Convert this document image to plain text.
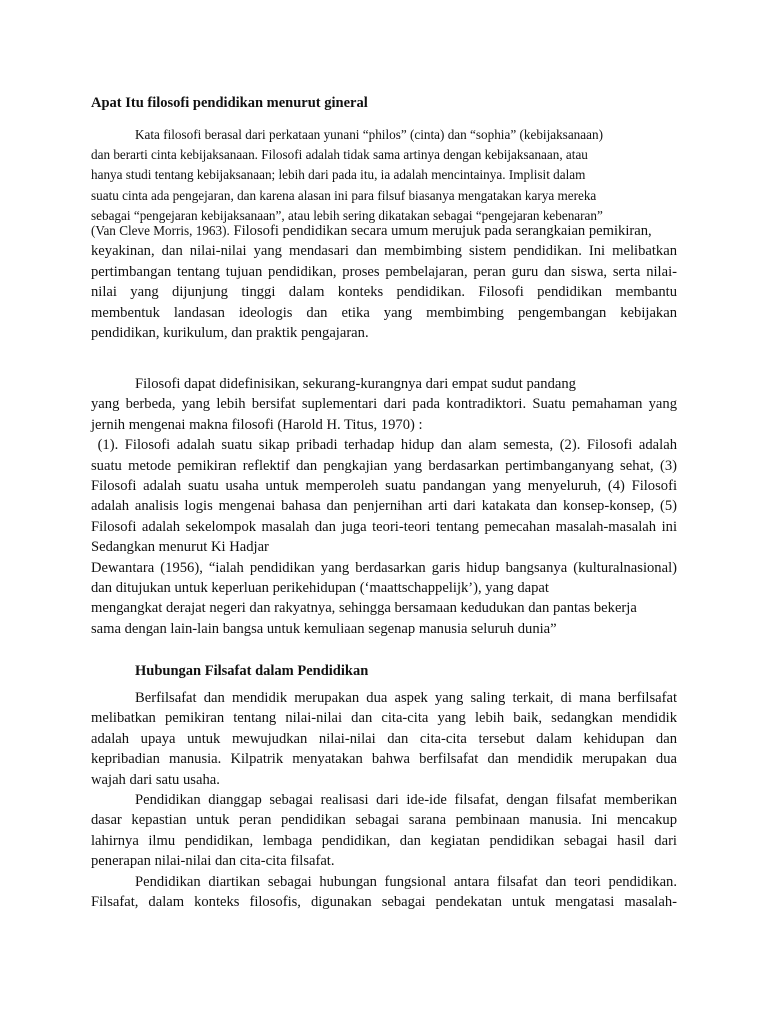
Apat Itu filosofi pendidikan menurut gineral
Kata filosofi berasal dari perkataan yunani “philos” (cinta) dan “sophia” (kebijaksanaan)
dan berarti cinta kebijaksanaan. Filosofi adalah tidak sama artinya dengan kebijaksanaan, atau
hanya studi tentang kebijaksanaan; lebih dari pada itu, ia adalah mencintainya. Implisit dalam
suatu cinta ada pengejaran, dan karena alasan ini para filsuf biasanya mengatakan karya mereka
sebagai “pengejaran kebijaksanaan”, atau lebih sering dikatakan sebagai “pengejaran kebenaran”
(Van Cleve Morris, 1963). Filosofi pendidikan secara umum merujuk pada serangkaian pemikiran,
keyakinan, dan nilai-nilai yang mendasari dan membimbing sistem pendidikan. Ini melibatkan
pertimbangan tentang tujuan pendidikan, proses pembelajaran, peran guru dan siswa, serta nilai-
nilai yang dijunjung tinggi dalam konteks pendidikan. Filosofi pendidikan membantu
membentuk landasan ideologis dan etika yang membimbing pengembangan kebijakan
pendidikan, kurikulum, dan praktik pengajaran.
Filosofi dapat didefinisikan, sekurang-kurangnya dari empat sudut pandang
yang berbeda, yang lebih bersifat suplementari dari pada kontradiktori. Suatu pemahaman yang
jernih mengenai makna filosofi (Harold H. Titus, 1970) :
(1). Filosofi adalah suatu sikap pribadi terhadap hidup dan alam semesta, (2). Filosofi adalah
suatu metode pemikiran reflektif dan pengkajian yang berdasarkan pertimbanganyang sehat, (3)
Filosofi adalah suatu usaha untuk memperoleh suatu pandangan yang menyeluruh, (4) Filosofi
adalah analisis logis mengenai bahasa dan penjernihan arti dari katakata dan konsep-konsep, (5)
Filosofi adalah sekelompok masalah dan juga teori-teori tentang pemecahan masalah-masalah ini
Sedangkan menurut Ki Hadjar
Dewantara (1956), “ialah pendidikan yang berdasarkan garis hidup bangsanya (kulturalnasional)
dan ditujukan untuk keperluan perikehidupan (‘maattschappelijk’), yang dapat
mengangkat derajat negeri dan rakyatnya, sehingga bersamaan kedudukan dan pantas bekerja
sama dengan lain-lain bangsa untuk kemuliaan segenap manusia seluruh dunia”
Hubungan Filsafat dalam Pendidikan
Berfilsafat dan mendidik merupakan dua aspek yang saling terkait, di mana berfilsafat
melibatkan pemikiran tentang nilai-nilai dan cita-cita yang lebih baik, sedangkan mendidik
adalah upaya untuk mewujudkan nilai-nilai dan cita-cita tersebut dalam kehidupan dan
kepribadian manusia. Kilpatrik menyatakan bahwa berfilsafat dan mendidik merupakan dua
wajah dari satu usaha.
Pendidikan dianggap sebagai realisasi dari ide-ide filsafat, dengan filsafat memberikan
dasar kepastian untuk peran pendidikan sebagai sarana pembinaan manusia. Ini mencakup
lahirnya ilmu pendidikan, lembaga pendidikan, dan kegiatan pendidikan sebagai hasil dari
penerapan nilai-nilai dan cita-cita filsafat.
Pendidikan diartikan sebagai hubungan fungsional antara filsafat dan teori pendidikan.
Filsafat, dalam konteks filosofis, digunakan sebagai pendekatan untuk mengatasi masalah-
